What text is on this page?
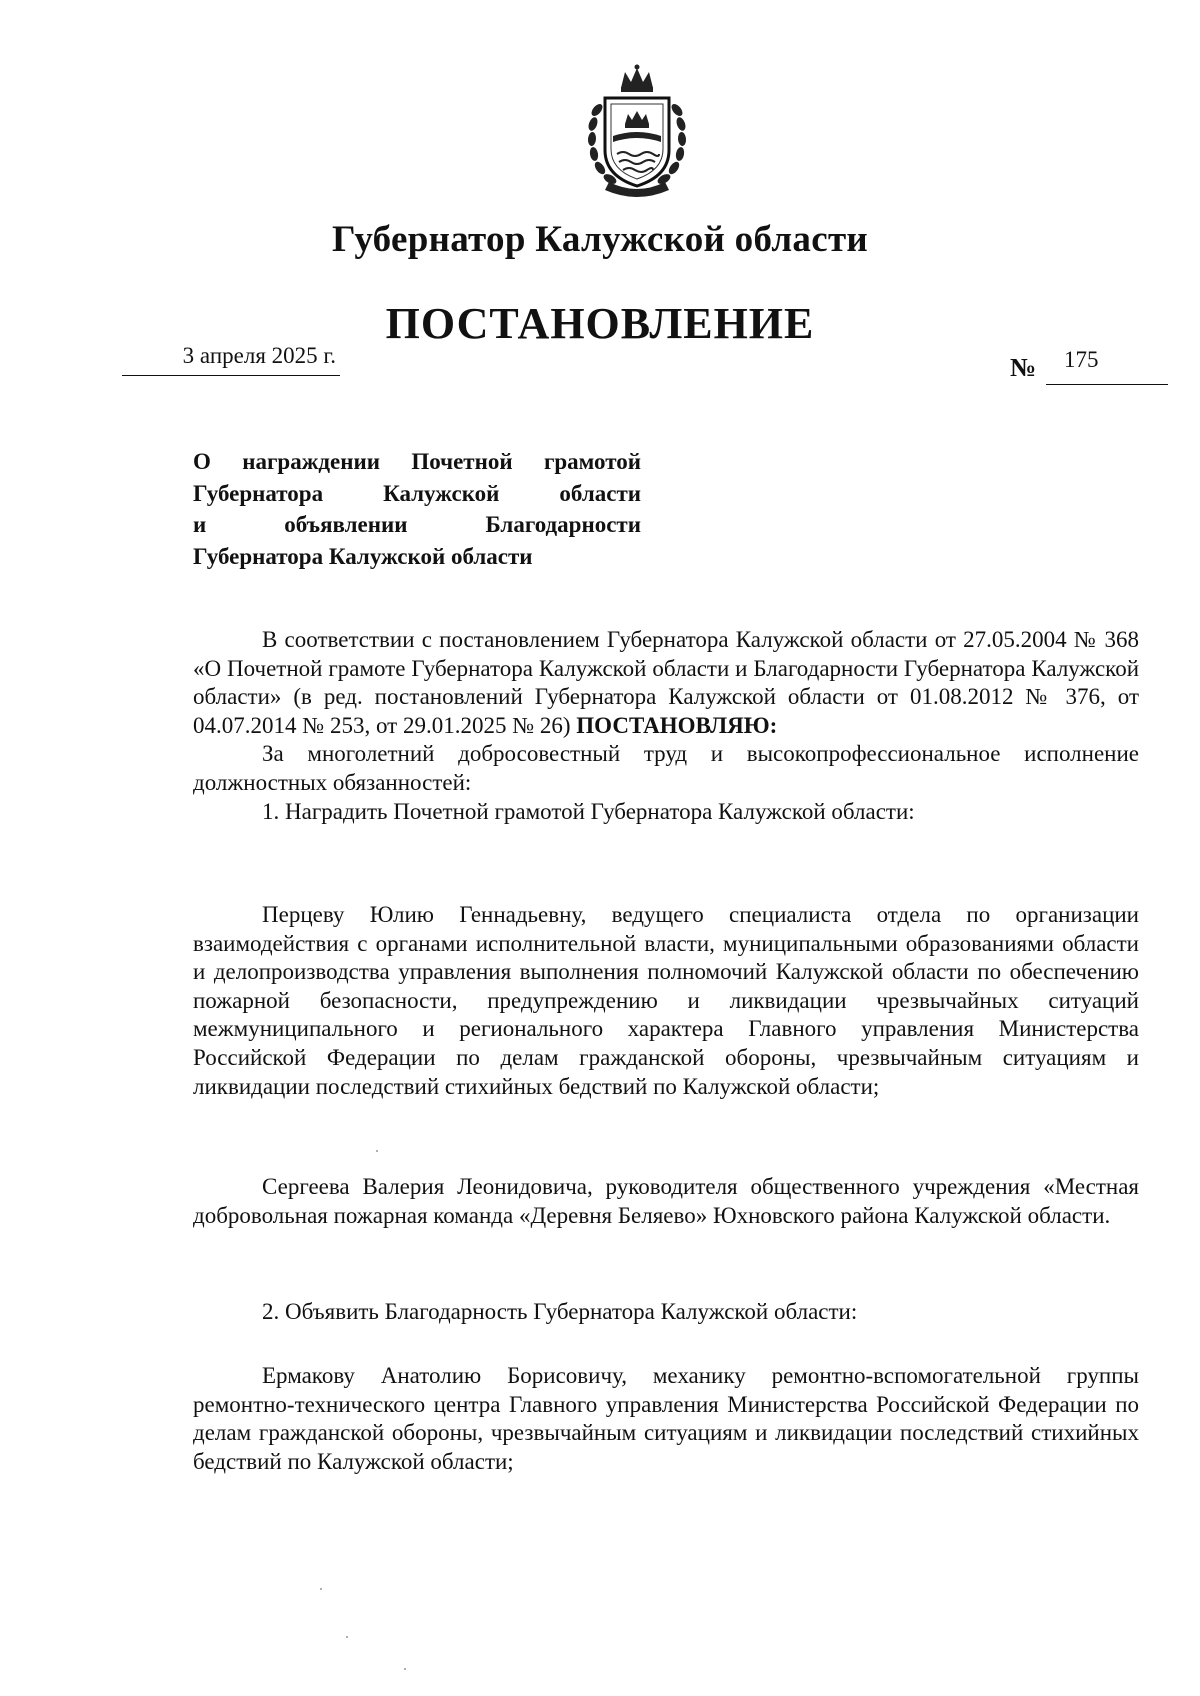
Губернатор Калужской области
ПОСТАНОВЛЕНИЕ
3 апреля 2025 г.	№ 175
О награждении Почетной грамотой
Губернатора Калужской области
и объявлении Благодарности
Губернатора Калужской области

В соответствии с постановлением Губернатора Калужской области от 27.05.2004 № 368 «О Почетной грамоте Губернатора Калужской области и Благодарности Губернатора Калужской области» (в ред. постановлений Губернатора Калужской области от 01.08.2012 № 376, от 04.07.2014 № 253, от 29.01.2025 № 26) ПОСТАНОВЛЯЮ:

За многолетний добросовестный труд и высокопрофессиональное исполнение должностных обязанностей:

1. Наградить Почетной грамотой Губернатора Калужской области:

Перцеву Юлию Геннадьевну, ведущего специалиста отдела по организации взаимодействия с органами исполнительной власти, муниципальными образованиями области и делопроизводства управления выполнения полномочий Калужской области по обеспечению пожарной безопасности, предупреждению и ликвидации чрезвычайных ситуаций межмуниципального и регионального характера Главного управления Министерства Российской Федерации по делам гражданской обороны, чрезвычайным ситуациям и ликвидации последствий стихийных бедствий по Калужской области;

Сергеева Валерия Леонидовича, руководителя общественного учреждения «Местная добровольная пожарная команда «Деревня Беляево» Юхновского района Калужской области.

2. Объявить Благодарность Губернатора Калужской области:

Ермакову Анатолию Борисовичу, механику ремонтно-вспомогательной группы ремонтно-технического центра Главного управления Министерства Российской Федерации по делам гражданской обороны, чрезвычайным ситуациям и ликвидации последствий стихийных бедствий по Калужской области;
